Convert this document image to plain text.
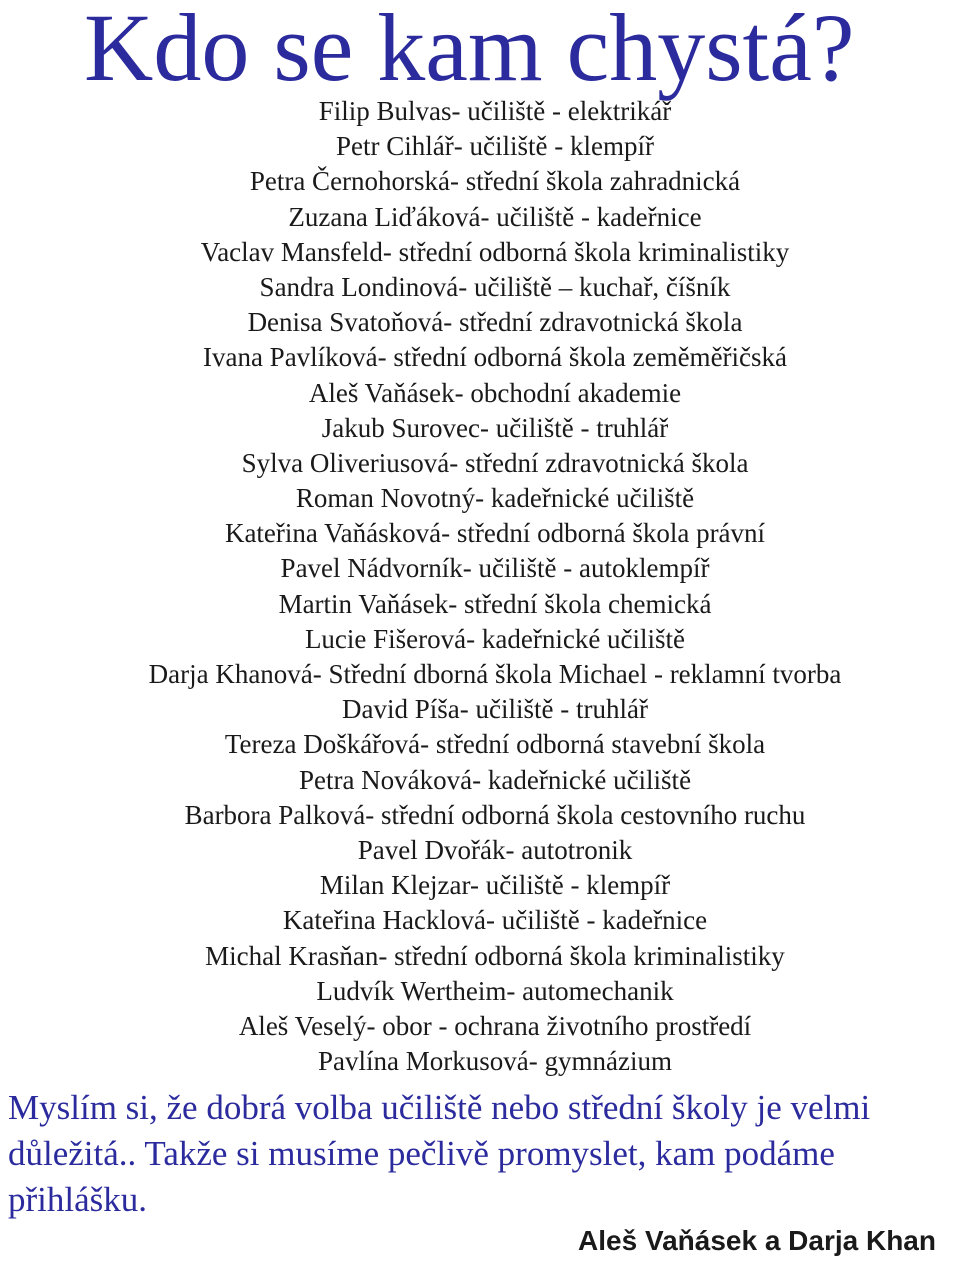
Kdo se kam chystá?
Filip Bulvas- učiliště - elektrikář
Petr Cihlář- učiliště - klempíř
Petra Černohorská- střední škola zahradnická
Zuzana Liďáková- učiliště - kadeřnice
Vaclav Mansfeld- střední odborná škola kriminalistiky
Sandra Londinová- učiliště – kuchař, číšník
Denisa Svatoňová- střední zdravotnická škola
Ivana Pavlíková- střední odborná škola zeměměřičská
Aleš Vaňásek- obchodní akademie
Jakub Surovec- učiliště - truhlář
Sylva Oliveriusová- střední zdravotnická škola
Roman Novotný- kadeřnické učiliště
Kateřina Vaňásková- střední odborná škola právní
Pavel Nádvorník- učiliště - autoklempíř
Martin Vaňásek- střední škola chemická
Lucie Fišerová- kadeřnické učiliště
Darja Khanová- Střední dborná škola Michael - reklamní tvorba
David Píša- učiliště - truhlář
Tereza Doškářová- střední odborná stavební škola
Petra Nováková- kadeřnické učiliště
Barbora Palková- střední odborná škola cestovního ruchu
Pavel Dvořák- autotronik
Milan Klejzar- učiliště - klempíř
Kateřina Hacklová- učiliště - kadeřnice
Michal Krasňan- střední odborná škola kriminalistiky
Ludvík Wertheim- automechanik
Aleš Veselý- obor - ochrana životního prostředí
Pavlína Morkusová- gymnázium

Myslím si, že dobrá volba učiliště nebo střední školy je velmi důležitá.. Takže si musíme pečlivě promyslet, kam podáme přihlášku.

Aleš Vaňásek a Darja Khan
